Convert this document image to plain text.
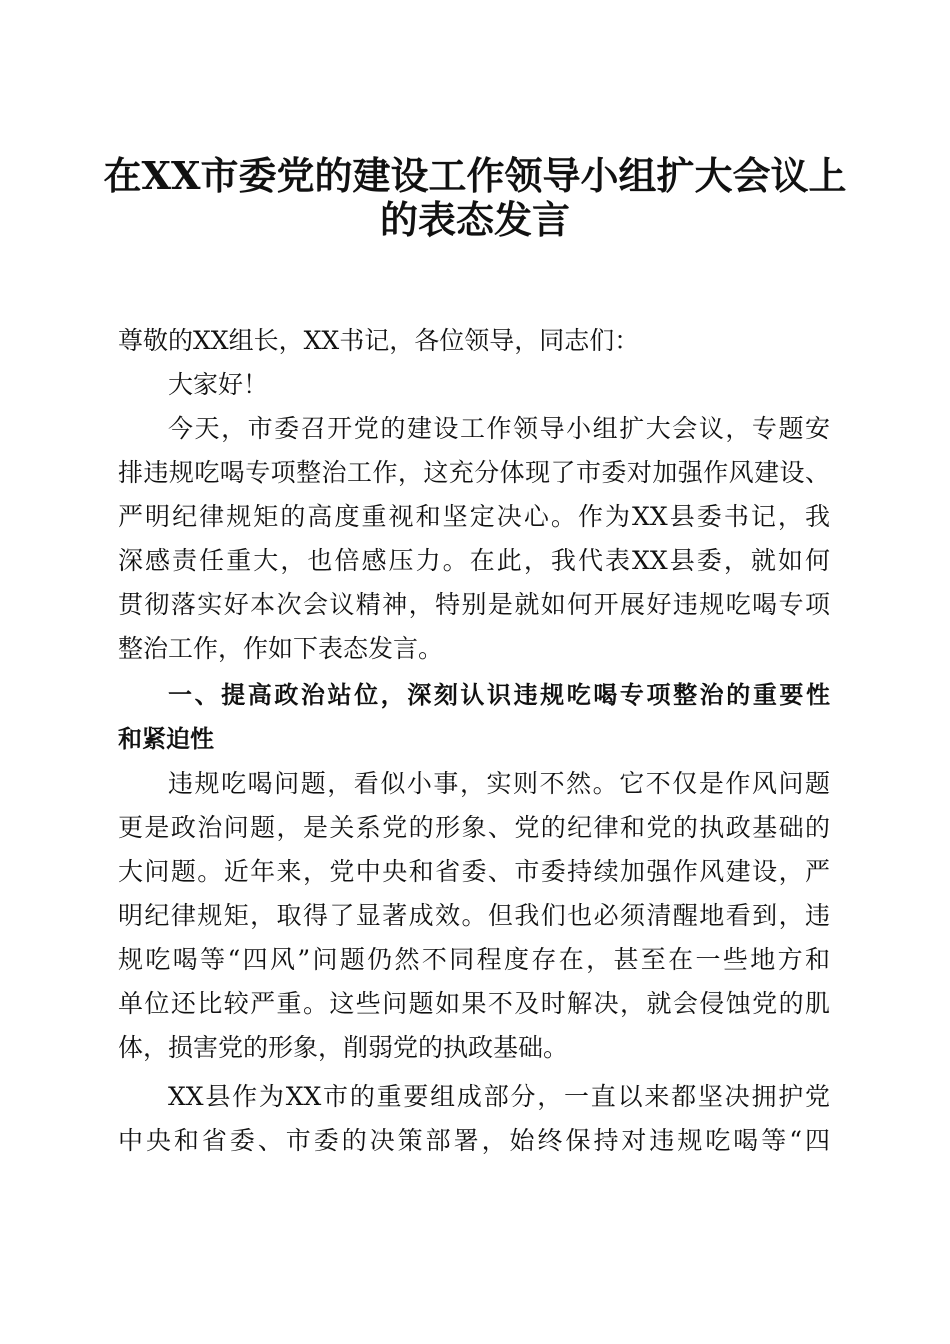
在XX市委党的建设工作领导小组扩大会议上
的表态发言
尊敬的XX组长，XX书记，各位领导，同志们：
大家好！
今天，市委召开党的建设工作领导小组扩大会议，专题安
排违规吃喝专项整治工作，这充分体现了市委对加强作风建设、
严明纪律规矩的高度重视和坚定决心。作为XX县委书记，我
深感责任重大，也倍感压力。在此，我代表XX县委，就如何
贯彻落实好本次会议精神，特别是就如何开展好违规吃喝专项
整治工作，作如下表态发言。
一、提高政治站位，深刻认识违规吃喝专项整治的重要性
和紧迫性
违规吃喝问题，看似小事，实则不然。它不仅是作风问题
更是政治问题，是关系党的形象、党的纪律和党的执政基础的
大问题。近年来，党中央和省委、市委持续加强作风建设，严
明纪律规矩，取得了显著成效。但我们也必须清醒地看到，违
规吃喝等“四风”问题仍然不同程度存在，甚至在一些地方和
单位还比较严重。这些问题如果不及时解决，就会侵蚀党的肌
体，损害党的形象，削弱党的执政基础。
XX县作为XX市的重要组成部分，一直以来都坚决拥护党
中央和省委、市委的决策部署，始终保持对违规吃喝等“四
